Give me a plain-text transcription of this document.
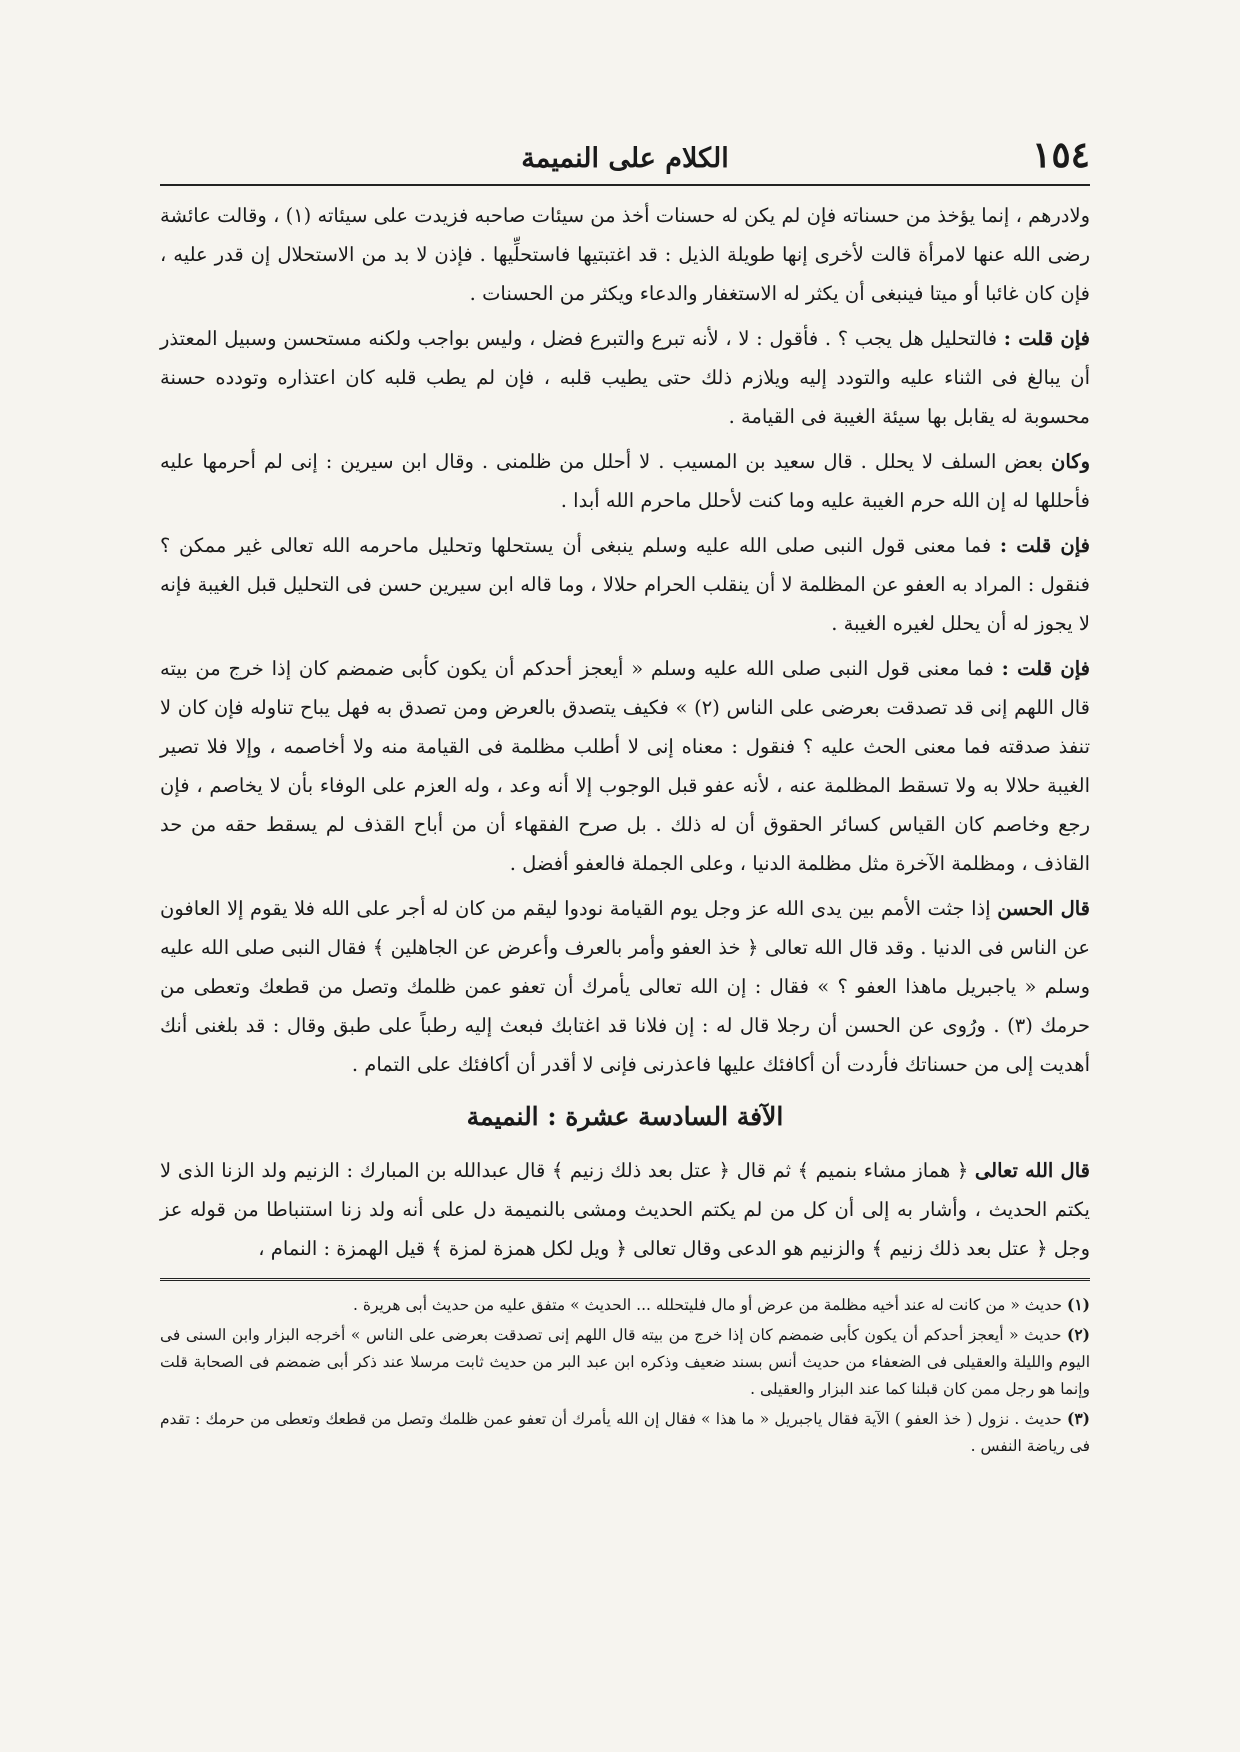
١٥٤
الكلام على النميمة

ولادرهم ، إنما يؤخذ من حسناته فإن لم يكن له حسنات أخذ من سيئات صاحبه فزيدت على سيئاته (١) ، وقالت عائشة رضى الله عنها لامرأة قالت لأخرى إنها طويلة الذيل : قد اغتبتيها فاستحلِّيها . فإذن لا بد من الاستحلال إن قدر عليه ، فإن كان غائبا أو ميتا فينبغى أن يكثر له الاستغفار والدعاء ويكثر من الحسنات .

فإن قلت : فالتحليل هل يجب ؟ . فأقول : لا ، لأنه تبرع والتبرع فضل ، وليس بواجب ولكنه مستحسن وسبيل المعتذر أن يبالغ فى الثناء عليه والتودد إليه ويلازم ذلك حتى يطيب قلبه ، فإن لم يطب قلبه كان اعتذاره وتودده حسنة محسوبة له يقابل بها سيئة الغيبة فى القيامة .

وكان بعض السلف لا يحلل . قال سعيد بن المسيب . لا أحلل من ظلمنى . وقال ابن سيرين : إنى لم أحرمها عليه فأحللها له إن الله حرم الغيبة عليه وما كنت لأحلل ماحرم الله أبدا .

فإن قلت : فما معنى قول النبى صلى الله عليه وسلم ينبغى أن يستحلها وتحليل ماحرمه الله تعالى غير ممكن ؟ فنقول : المراد به العفو عن المظلمة لا أن ينقلب الحرام حلالا ، وما قاله ابن سيرين حسن فى التحليل قبل الغيبة فإنه لا يجوز له أن يحلل لغيره الغيبة .

فإن قلت : فما معنى قول النبى صلى الله عليه وسلم « أيعجز أحدكم أن يكون كأبى ضمضم كان إذا خرج من بيته قال اللهم إنى قد تصدقت بعرضى على الناس (٢) » فكيف يتصدق بالعرض ومن تصدق به فهل يباح تناوله فإن كان لا تنفذ صدقته فما معنى الحث عليه ؟ فنقول : معناه إنى لا أطلب مظلمة فى القيامة منه ولا أخاصمه ، وإلا فلا تصير الغيبة حلالا به ولا تسقط المظلمة عنه ، لأنه عفو قبل الوجوب إلا أنه وعد ، وله العزم على الوفاء بأن لا يخاصم ، فإن رجع وخاصم كان القياس كسائر الحقوق أن له ذلك . بل صرح الفقهاء أن من أباح القذف لم يسقط حقه من حد القاذف ، ومظلمة الآخرة مثل مظلمة الدنيا ، وعلى الجملة فالعفو أفضل .

قال الحسن إذا جثت الأمم بين يدى الله عز وجل يوم القيامة نودوا ليقم من كان له أجر على الله فلا يقوم إلا العافون عن الناس فى الدنيا . وقد قال الله تعالى ﴿ خذ العفو وأمر بالعرف وأعرض عن الجاهلين ﴾ فقال النبى صلى الله عليه وسلم « ياجبريل ماهذا العفو ؟ » فقال : إن الله تعالى يأمرك أن تعفو عمن ظلمك وتصل من قطعك وتعطى من حرمك (٣) . ورُوى عن الحسن أن رجلا قال له : إن فلانا قد اغتابك فبعث إليه رطباً على طبق وقال : قد بلغنى أنك أهديت إلى من حسناتك فأردت أن أكافئك عليها فاعذرنى فإنى لا أقدر أن أكافئك على التمام .

الآفة السادسة عشرة : النميمة

قال الله تعالى ﴿ هماز مشاء بنميم ﴾ ثم قال ﴿ عتل بعد ذلك زنيم ﴾ قال عبدالله بن المبارك : الزنيم ولد الزنا الذى لا يكتم الحديث ، وأشار به إلى أن كل من لم يكتم الحديث ومشى بالنميمة دل على أنه ولد زنا استنباطا من قوله عز وجل ﴿ عتل بعد ذلك زنيم ﴾ والزنيم هو الدعى وقال تعالى ﴿ ويل لكل همزة لمزة ﴾ قيل الهمزة : النمام ،

(١) حديث « من كانت له عند أخيه مظلمة من عرض أو مال فليتحلله ... الحديث » متفق عليه من حديث أبى هريرة .

(٢) حديث « أيعجز أحدكم أن يكون كأبى ضمضم كان إذا خرج من بيته قال اللهم إنى تصدقت بعرضى على الناس » أخرجه البزار وابن السنى فى اليوم والليلة والعقيلى فى الضعفاء من حديث أنس بسند ضعيف وذكره ابن عبد البر من حديث ثابت مرسلا عند ذكر أبى ضمضم فى الصحابة قلت وإنما هو رجل ممن كان قبلنا كما عند البزار والعقيلى .

(٣) حديث . نزول ( خذ العفو ) الآية فقال ياجبريل « ما هذا » فقال إن الله يأمرك أن تعفو عمن ظلمك وتصل من قطعك وتعطى من حرمك : تقدم فى رياضة النفس .
